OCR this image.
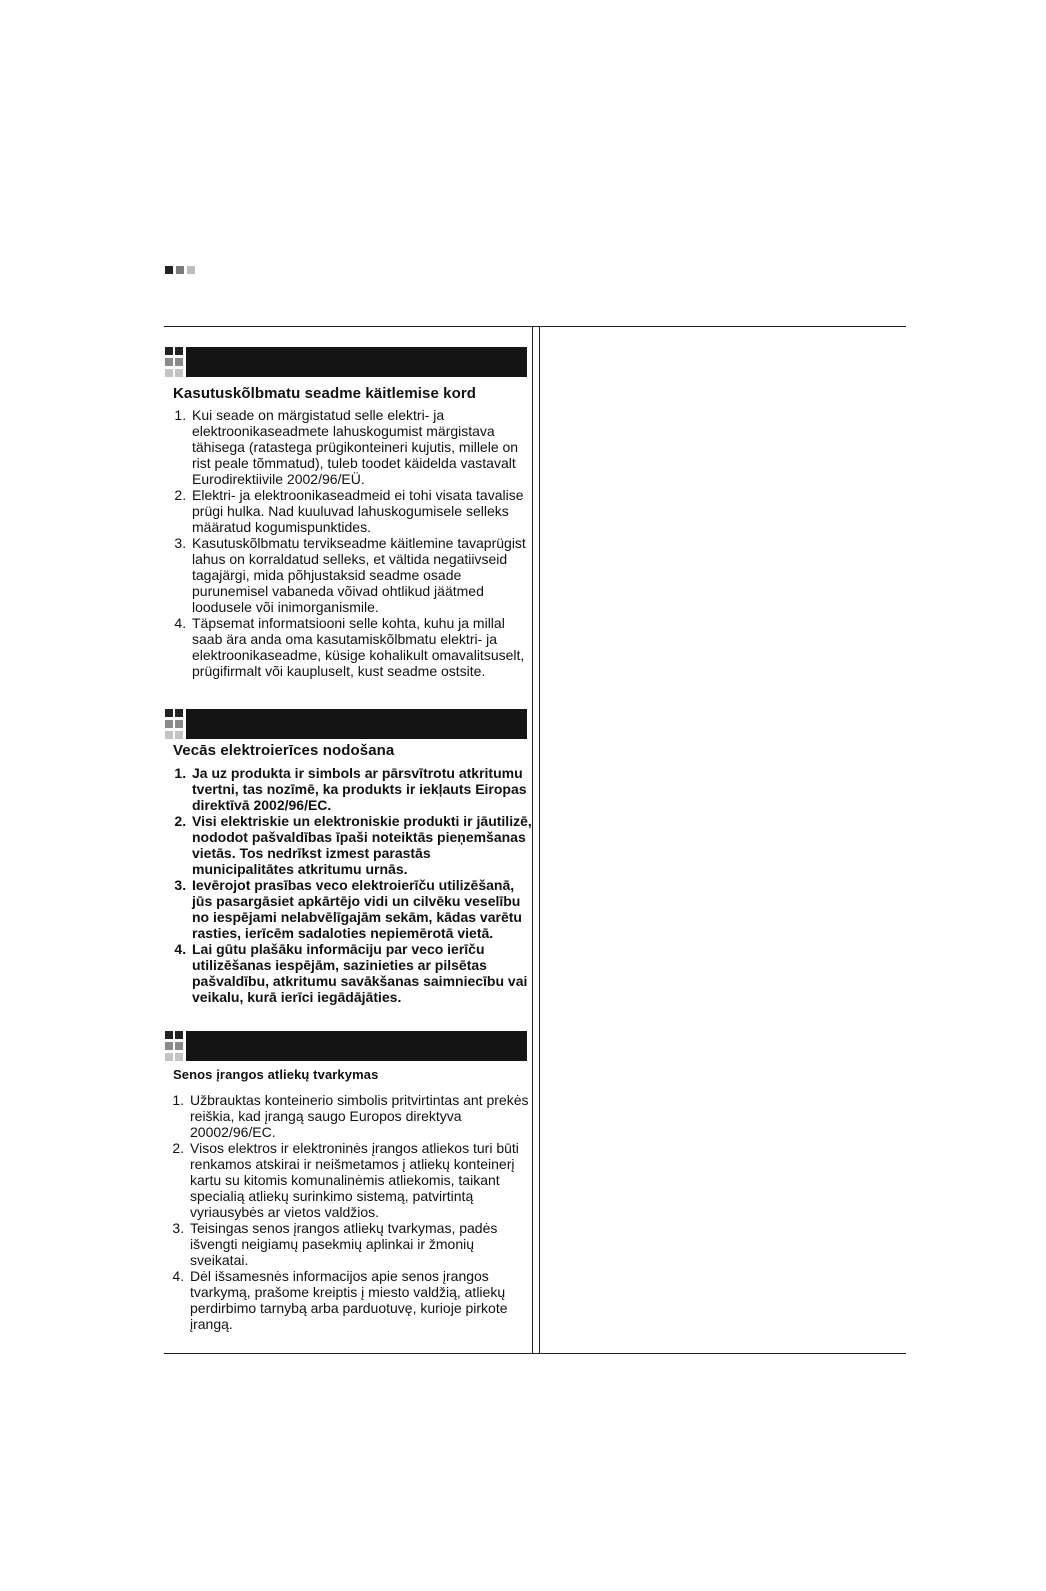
Kasutuskõlbmatu seadme käitlemise kord
1. Kui seade on märgistatud selle elektri- ja elektroonikaseadmete lahuskogumist märgistava tähisega (ratastega prügikonteineri kujutis, millele on rist peale tõmmatud), tuleb toodet käidelda vastavalt Eurodirektiivile 2002/96/EÜ.
2. Elektri- ja elektroonikaseadmeid ei tohi visata tavalise prügi hulka. Nad kuuluvad lahuskogumisele selleks määratud kogumispunktides.
3. Kasutuskõlbmatu tervikseadme käitlemine tavaprügist lahus on korraldatud selleks, et vältida negatiivseid tagajärgi, mida põhjustaksid seadme osade purunemisel vabaneda võivad ohtlikud jäätmed loodusele või inimorganismile.
4. Täpsemat informatsiooni selle kohta, kuhu ja millal saab ära anda oma kasutamiskõlbmatu elektri- ja elektroonikaseadme, küsige kohalikult omavalitsuselt, prügifirmalt või kaupluselt, kust seadme ostsite.
Vecās elektroierīces nodošana
1. Ja uz produkta ir simbols ar pārsvītrotu atkritumu tvertni, tas nozīmē, ka produkts ir iekļauts Eiropas direktīvā 2002/96/EC.
2. Visi elektriskie un elektroniskie produkti ir jāutilizē, nododot pašvaldības īpaši noteiktās pieņemšanas vietās. Tos nedrīkst izmest parastās municipalitātes atkritumu urnās.
3. Ievērojot prasības veco elektroierīču utilizēšanā, jūs pasargāsiet apkārtējo vidi un cilvēku veselību no iespējami nelabvēlīgajām sekām, kādas varētu rasties, ierīcēm sadaloties nepiemērotā vietā.
4. Lai gūtu plašāku informāciju par veco ierīču utilizēšanas iespējām, sazinieties ar pilsētas pašvaldību, atkritumu savākšanas saimniecību vai veikalu, kurā ierīci iegādājāties.
Senos įrangos atliekų tvarkymas
1. Užbrauktas konteinerio simbolis pritvirtintas ant prekės reiškia, kad įrangą saugo Europos direktyva 20002/96/EC.
2. Visos elektros ir elektroninės įrangos atliekos turi būti renkamos atskirai ir neišmetamos į atliekų konteinerį kartu su kitomis komunalinėmis atliekomis, taikant specialią atliekų surinkimo sistemą, patvirtintą vyriausybės ar vietos valdžios.
3. Teisingas senos įrangos atliekų tvarkymas, padės išvengti neigiamų pasekmių aplinkai ir žmonių sveikatai.
4. Dėl išsamesnės informacijos apie senos įrangos tvarkymą, prašome kreiptis į miesto valdžią, atliekų perdirbimo tarnybą arba parduotuvę, kurioje pirkote įrangą.
